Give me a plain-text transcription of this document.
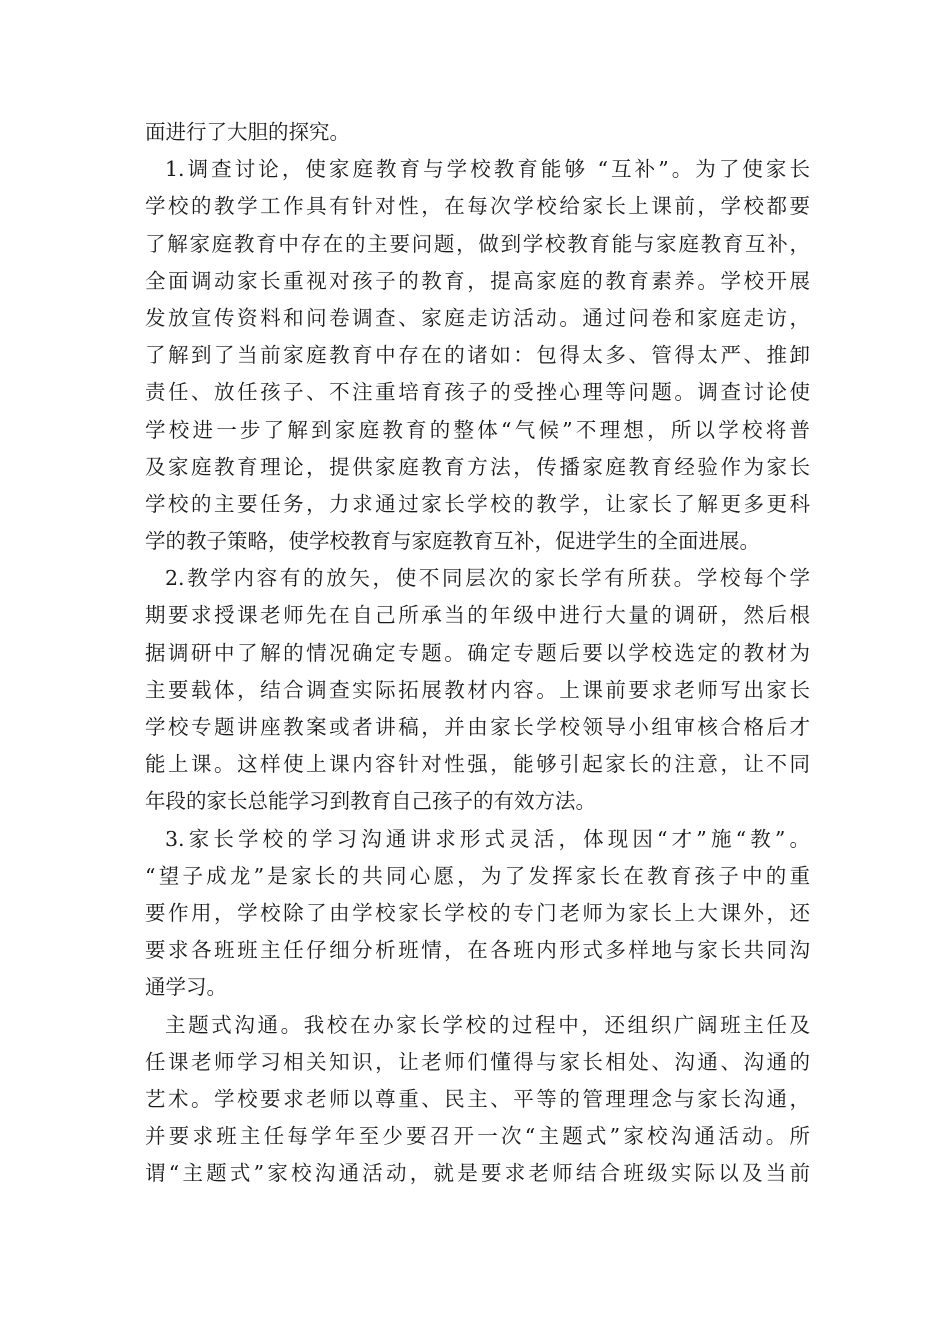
面进行了大胆的探究。
1.调查讨论，使家庭教育与学校教育能够 “互补”。为了使家长
学校的教学工作具有针对性，在每次学校给家长上课前，学校都要
了解家庭教育中存在的主要问题，做到学校教育能与家庭教育互补，
全面调动家长重视对孩子的教育，提高家庭的教育素养。学校开展
发放宣传资料和问卷调查、家庭走访活动。通过问卷和家庭走访，
了解到了当前家庭教育中存在的诸如：包得太多、管得太严、推卸
责任、放任孩子、不注重培育孩子的受挫心理等问题。调查讨论使
学校进一步了解到家庭教育的整体“气候”不理想，所以学校将普
及家庭教育理论，提供家庭教育方法，传播家庭教育经验作为家长
学校的主要任务，力求通过家长学校的教学，让家长了解更多更科
学的教子策略，使学校教育与家庭教育互补，促进学生的全面进展。
2.教学内容有的放矢，使不同层次的家长学有所获。学校每个学
期要求授课老师先在自己所承当的年级中进行大量的调研，然后根
据调研中了解的情况确定专题。确定专题后要以学校选定的教材为
主要载体，结合调查实际拓展教材内容。上课前要求老师写出家长
学校专题讲座教案或者讲稿，并由家长学校领导小组审核合格后才
能上课。这样使上课内容针对性强，能够引起家长的注意，让不同
年段的家长总能学习到教育自己孩子的有效方法。
3.家长学校的学习沟通讲求形式灵活，体现因“才”施“教”。
“望子成龙”是家长的共同心愿，为了发挥家长在教育孩子中的重
要作用，学校除了由学校家长学校的专门老师为家长上大课外，还
要求各班班主任仔细分析班情，在各班内形式多样地与家长共同沟
通学习。
主题式沟通。我校在办家长学校的过程中，还组织广阔班主任及
任课老师学习相关知识，让老师们懂得与家长相处、沟通、沟通的
艺术。学校要求老师以尊重、民主、平等的管理理念与家长沟通，
并要求班主任每学年至少要召开一次“主题式”家校沟通活动。所
谓“主题式”家校沟通活动，就是要求老师结合班级实际以及当前
